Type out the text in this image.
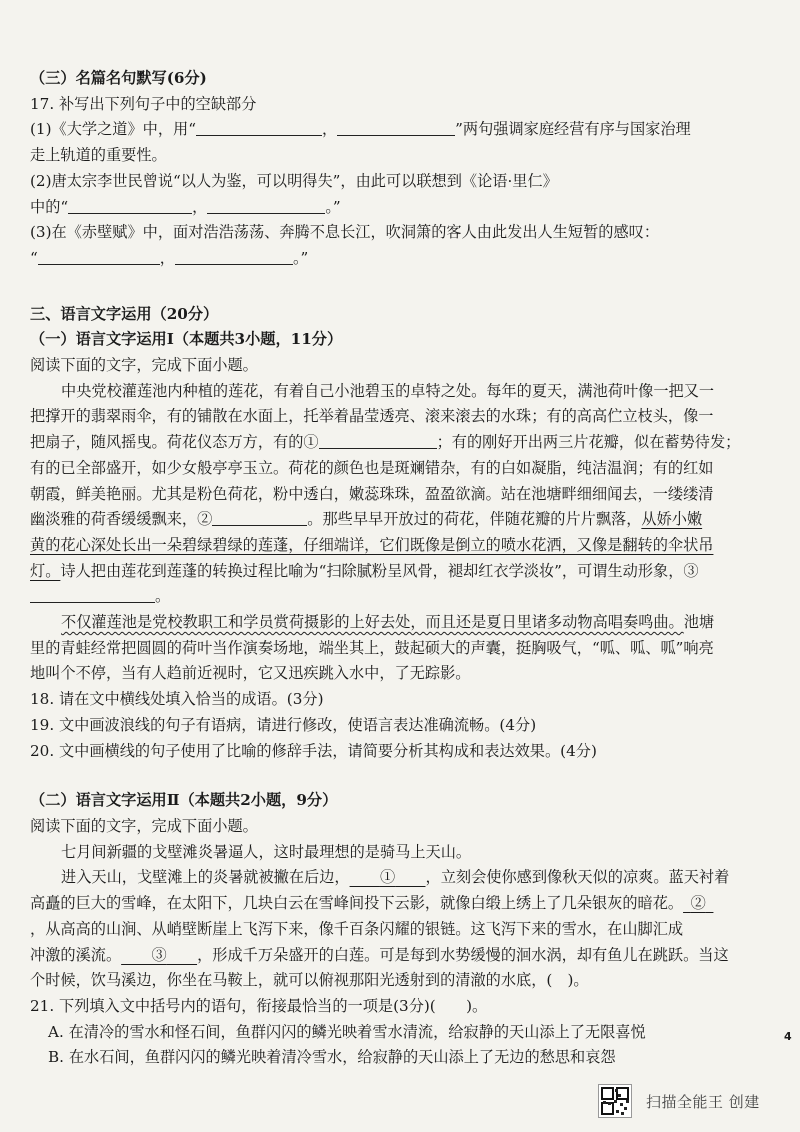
（三）名篇名句默写(6分)
17. 补写出下列句子中的空缺部分
(1)《大学之道》中，用“	，	”两句强调家庭经营有序与国家治理
走上轨道的重要性。
(2)唐太宗李世民曾说“以人为鉴，可以明得失”，由此可以联想到《论语·里仁》
中的“	，	。”
(3)在《赤壁赋》中，面对浩浩荡荡、奔腾不息长江，吹洞箫的客人由此发出人生短暂的感叹：
“	，	。”
三、语言文字运用（20分）
（一）语言文字运用Ⅰ（本题共3小题，11分）
阅读下面的文字，完成下面小题。
中央党校灌莲池内种植的莲花，有着自己小池碧玉的卓特之处。每年的夏天，满池荷叶像一把又一
把撑开的翡翠雨伞，有的铺散在水面上，托举着晶莹透亮、滚来滚去的水珠；有的高高伫立枝头，像一
把扇子，随风摇曳。荷花仪态万方，有的①	；有的刚好开出两三片花瓣，似在蓄势待发；
有的已全部盛开，如少女般亭亭玉立。荷花的颜色也是斑斓错杂，有的白如凝脂，纯洁温润；有的红如
朝霞，鲜美艳丽。尤其是粉色荷花，粉中透白，嫩蕊珠珠，盈盈欲滴。站在池塘畔细细闻去，一缕缕清
幽淡雅的荷香缓缓飘来，②	。那些早早开放过的荷花，伴随花瓣的片片飘落，从娇小嫩
黄的花心深处长出一朵碧绿碧绿的莲蓬，仔细端详，它们既像是倒立的喷水花洒，又像是翻转的伞状吊
灯。诗人把由莲花到莲蓬的转换过程比喻为“扫除腻粉呈风骨，褪却红衣学淡妆”，可谓生动形象，③
。
不仅灌莲池是党校教职工和学员赏荷摄影的上好去处，而且还是夏日里诸多动物高唱奏鸣曲。池塘
里的青蛙经常把圆圆的荷叶当作演奏场地，端坐其上，鼓起硕大的声囊，挺胸吸气，“呱、呱、呱”响亮
地叫个不停，当有人趋前近视时，它又迅疾跳入水中，了无踪影。
18. 请在文中横线处填入恰当的成语。(3分)
19. 文中画波浪线的句子有语病，请进行修改，使语言表达准确流畅。(4分)
20. 文中画横线的句子使用了比喻的修辞手法，请简要分析其构成和表达效果。(4分)
（二）语言文字运用Ⅱ（本题共2小题，9分）
阅读下面的文字，完成下面小题。
七月间新疆的戈壁滩炎暑逼人，这时最理想的是骑马上天山。
进入天山，戈壁滩上的炎暑就被撇在后边，   ①   ，立刻会使你感到像秋天似的凉爽。蓝天衬着
高矗的巨大的雪峰，在太阳下，几块白云在雪峰间投下云影，就像白缎上绣上了几朵银灰的暗花。  ② 
，从高高的山涧、从峭壁断崖上飞泻下来，像千百条闪耀的银链。这飞泻下来的雪水，在山脚汇成
冲激的溪流。   ③   ，形成千万朵盛开的白莲。可是每到水势缓慢的洄水涡，却有鱼儿在跳跃。当这
个时候，饮马溪边，你坐在马鞍上，就可以俯视那阳光透射到的清澈的水底，(　)。
21. 下列填入文中括号内的语句，衔接最恰当的一项是(3分)(　　)。
A. 在清冷的雪水和怪石间，鱼群闪闪的鳞光映着雪水清流，给寂静的天山添上了无限喜悦
B. 在水石间，鱼群闪闪的鳞光映着清冷雪水，给寂静的天山添上了无边的愁思和哀怨
4
扫描全能王 创建
